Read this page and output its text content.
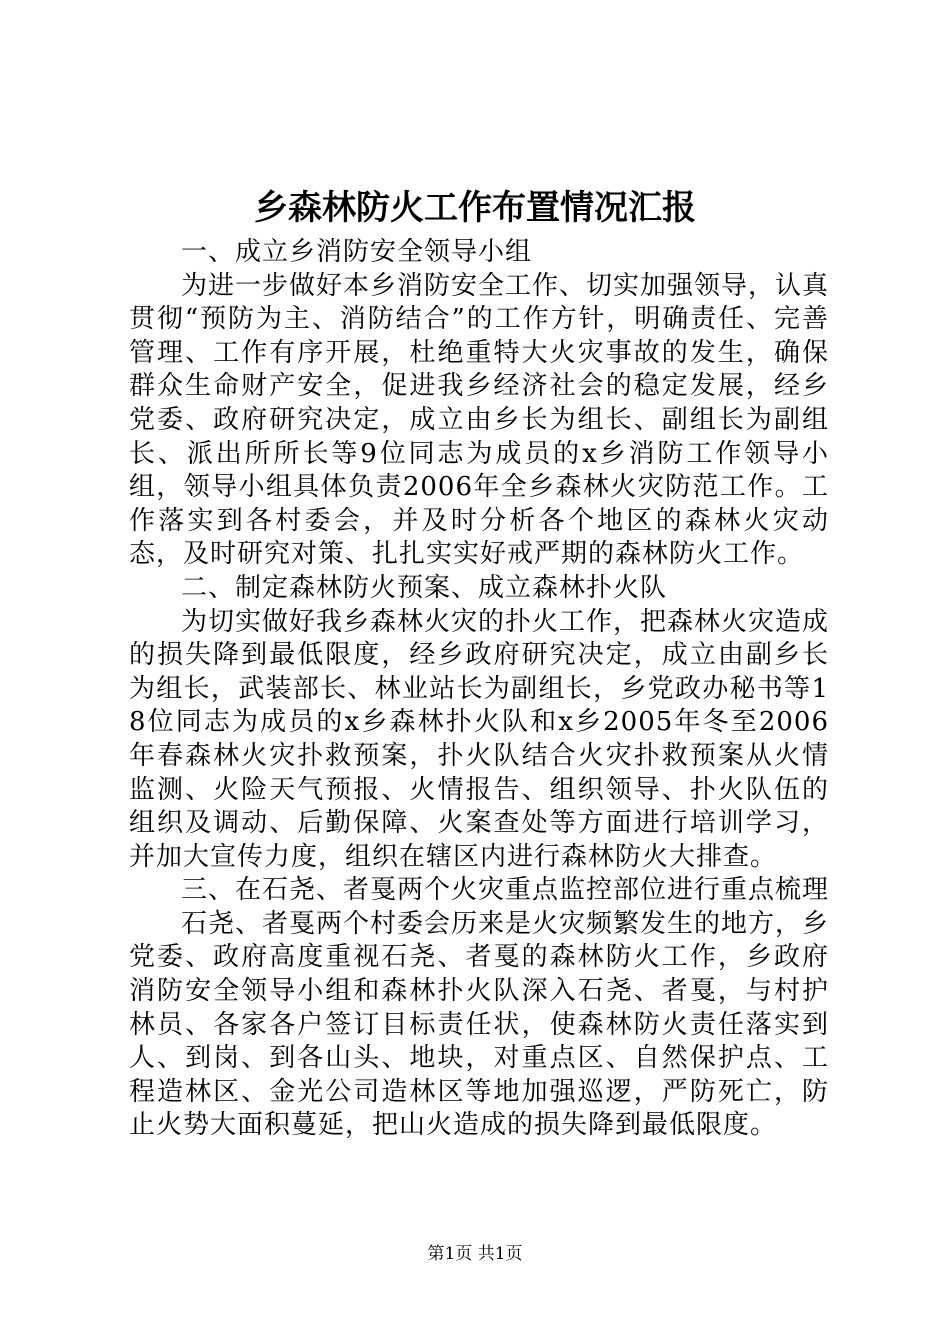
乡森林防火工作布置情况汇报

一、成立乡消防安全领导小组

为进一步做好本乡消防安全工作、切实加强领导，认真贯彻“预防为主、消防结合”的工作方针，明确责任、完善管理、工作有序开展，杜绝重特大火灾事故的发生，确保群众生命财产安全，促进我乡经济社会的稳定发展，经乡党委、政府研究决定，成立由乡长为组长、副组长为副组长、派出所所长等9位同志为成员的x乡消防工作领导小组，领导小组具体负责2006年全乡森林火灾防范工作。工作落实到各村委会，并及时分析各个地区的森林火灾动态，及时研究对策、扎扎实实好戒严期的森林防火工作。

二、制定森林防火预案、成立森林扑火队

为切实做好我乡森林火灾的扑火工作，把森林火灾造成的损失降到最低限度，经乡政府研究决定，成立由副乡长为组长，武装部长、林业站长为副组长，乡党政办秘书等18位同志为成员的x乡森林扑火队和x乡2005年冬至2006年春森林火灾扑救预案，扑火队结合火灾扑救预案从火情监测、火险天气预报、火情报告、组织领导、扑火队伍的组织及调动、后勤保障、火案查处等方面进行培训学习，并加大宣传力度，组织在辖区内进行森林防火大排查。

三、在石尧、者戛两个火灾重点监控部位进行重点梳理

石尧、者戛两个村委会历来是火灾频繁发生的地方，乡党委、政府高度重视石尧、者戛的森林防火工作，乡政府消防安全领导小组和森林扑火队深入石尧、者戛，与村护林员、各家各户签订目标责任状，使森林防火责任落实到人、到岗、到各山头、地块，对重点区、自然保护点、工程造林区、金光公司造林区等地加强巡逻，严防死亡，防止火势大面积蔓延，把山火造成的损失降到最低限度。

第1页 共1页
